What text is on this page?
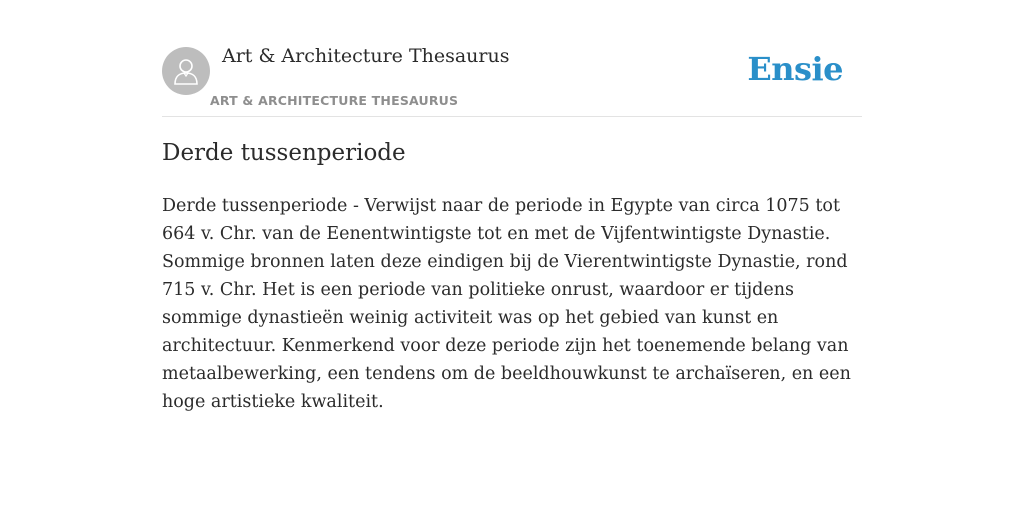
Art & Architecture Thesaurus
ART & ARCHITECTURE THESAURUS
Ensie
Derde tussenperiode

Derde tussenperiode - Verwijst naar de periode in Egypte van circa 1075 tot 664 v. Chr. van de Eenentwintigste tot en met de Vijfentwintigste Dynastie. Sommige bronnen laten deze eindigen bij de Vierentwintigste Dynastie, rond 715 v. Chr. Het is een periode van politieke onrust, waardoor er tijdens sommige dynastieën weinig activiteit was op het gebied van kunst en architectuur. Kenmerkend voor deze periode zijn het toenemende belang van metaalbewerking, een tendens om de beeldhouwkunst te archaïseren, en een hoge artistieke kwaliteit.
